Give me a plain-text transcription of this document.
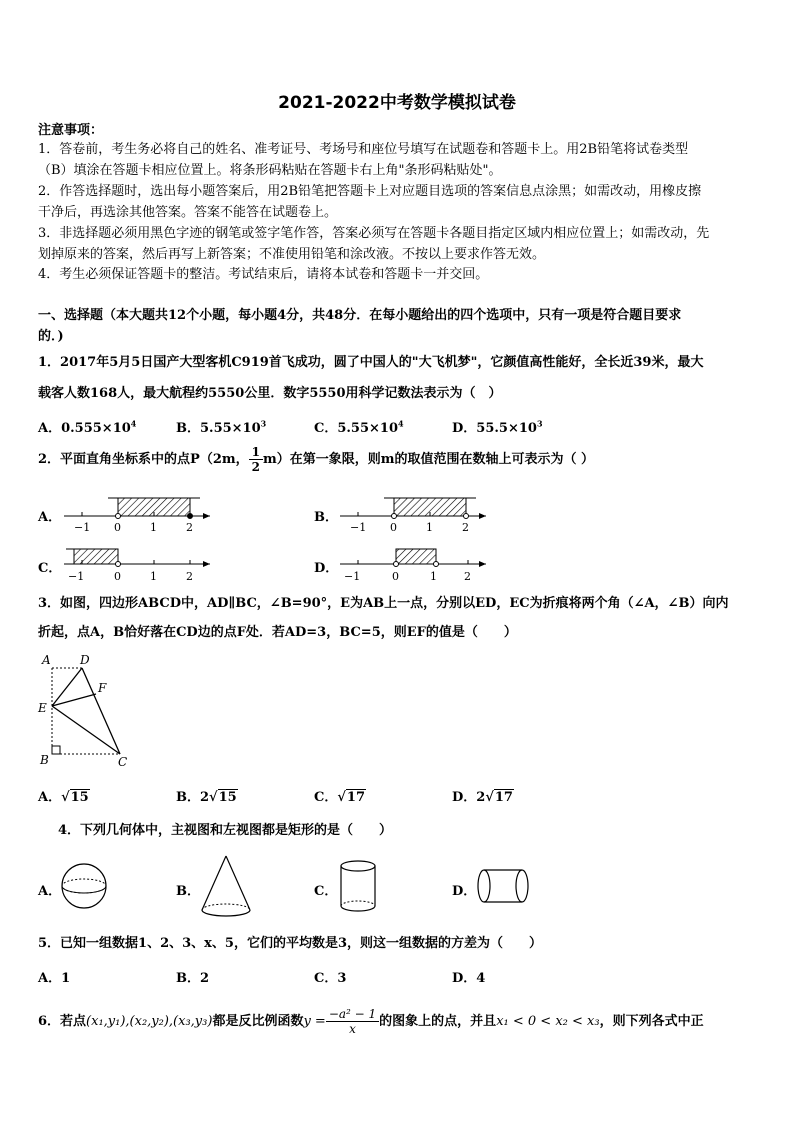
2021-2022中考数学模拟试卷
注意事项：
1．答卷前，考生务必将自己的姓名、准考证号、考场号和座位号填写在试题卷和答题卡上。用2B铅笔将试卷类型
（B）填涂在答题卡相应位置上。将条形码粘贴在答题卡右上角"条形码粘贴处"。
2．作答选择题时，选出每小题答案后，用2B铅笔把答题卡上对应题目选项的答案信息点涂黑；如需改动，用橡皮擦
干净后，再选涂其他答案。答案不能答在试题卷上。
3．非选择题必须用黑色字迹的钢笔或签字笔作答，答案必须写在答题卡各题目指定区域内相应位置上；如需改动，先
划掉原来的答案，然后再写上新答案；不准使用铅笔和涂改液。不按以上要求作答无效。
4．考生必须保证答题卡的整洁。考试结束后，请将本试卷和答题卡一并交回。
一、选择题（本大题共12个小题，每小题4分，共48分．在每小题给出的四个选项中，只有一项是符合题目要求
的．)
1．2017年5月5日国产大型客机C919首飞成功，圆了中国人的"大飞机梦"，它颜值高性能好，全长近39米，最大
载客人数168人，最大航程约5550公里．数字5550用科学记数法表示为（　）
A．$0.555\times 10^4$	B．$5.55\times 10^3$	C．$5.55\times 10^4$	D．$55.5\times 10^3$
2．平面直角坐标系中的点P（2m， $\frac{1}{2} m$）在第一象限，则m的取值范围在数轴上可表示为（ ）
A．	B．
C．	D．
−1 0	1	2	−1 0	1	2
−1	0	1	2	−1	0	1 2
3．如图，四边形ABCD中，AD∥BC，∠B=90°，E为AB上一点，分别以ED，EC为折痕将两个角（∠A，∠B）向内
折起，点A，B恰好落在CD边的点F处．若AD=3，BC=5，则EF的值是（　　）
A D
F
E
B	C
A．√15	B．2√15	C．√17	D．2√17
4．下列几何体中，主视图和左视图都是矩形的是（　　）
A．	B．	C．	D．
5．已知一组数据1、2、3、x、5，它们的平均数是3，则这一组数据的方差为（　　）
A．1	B．2	C．3	D．4
6．若点(x₁,y₁),(x₂,y₂),(x₃,y₃)都是反比例函数$y = \frac{\text{−a² − 1}}{x}$ 的图象上的点，并且x₁ < 0 < x₂ < x₃，则下列各式中正
